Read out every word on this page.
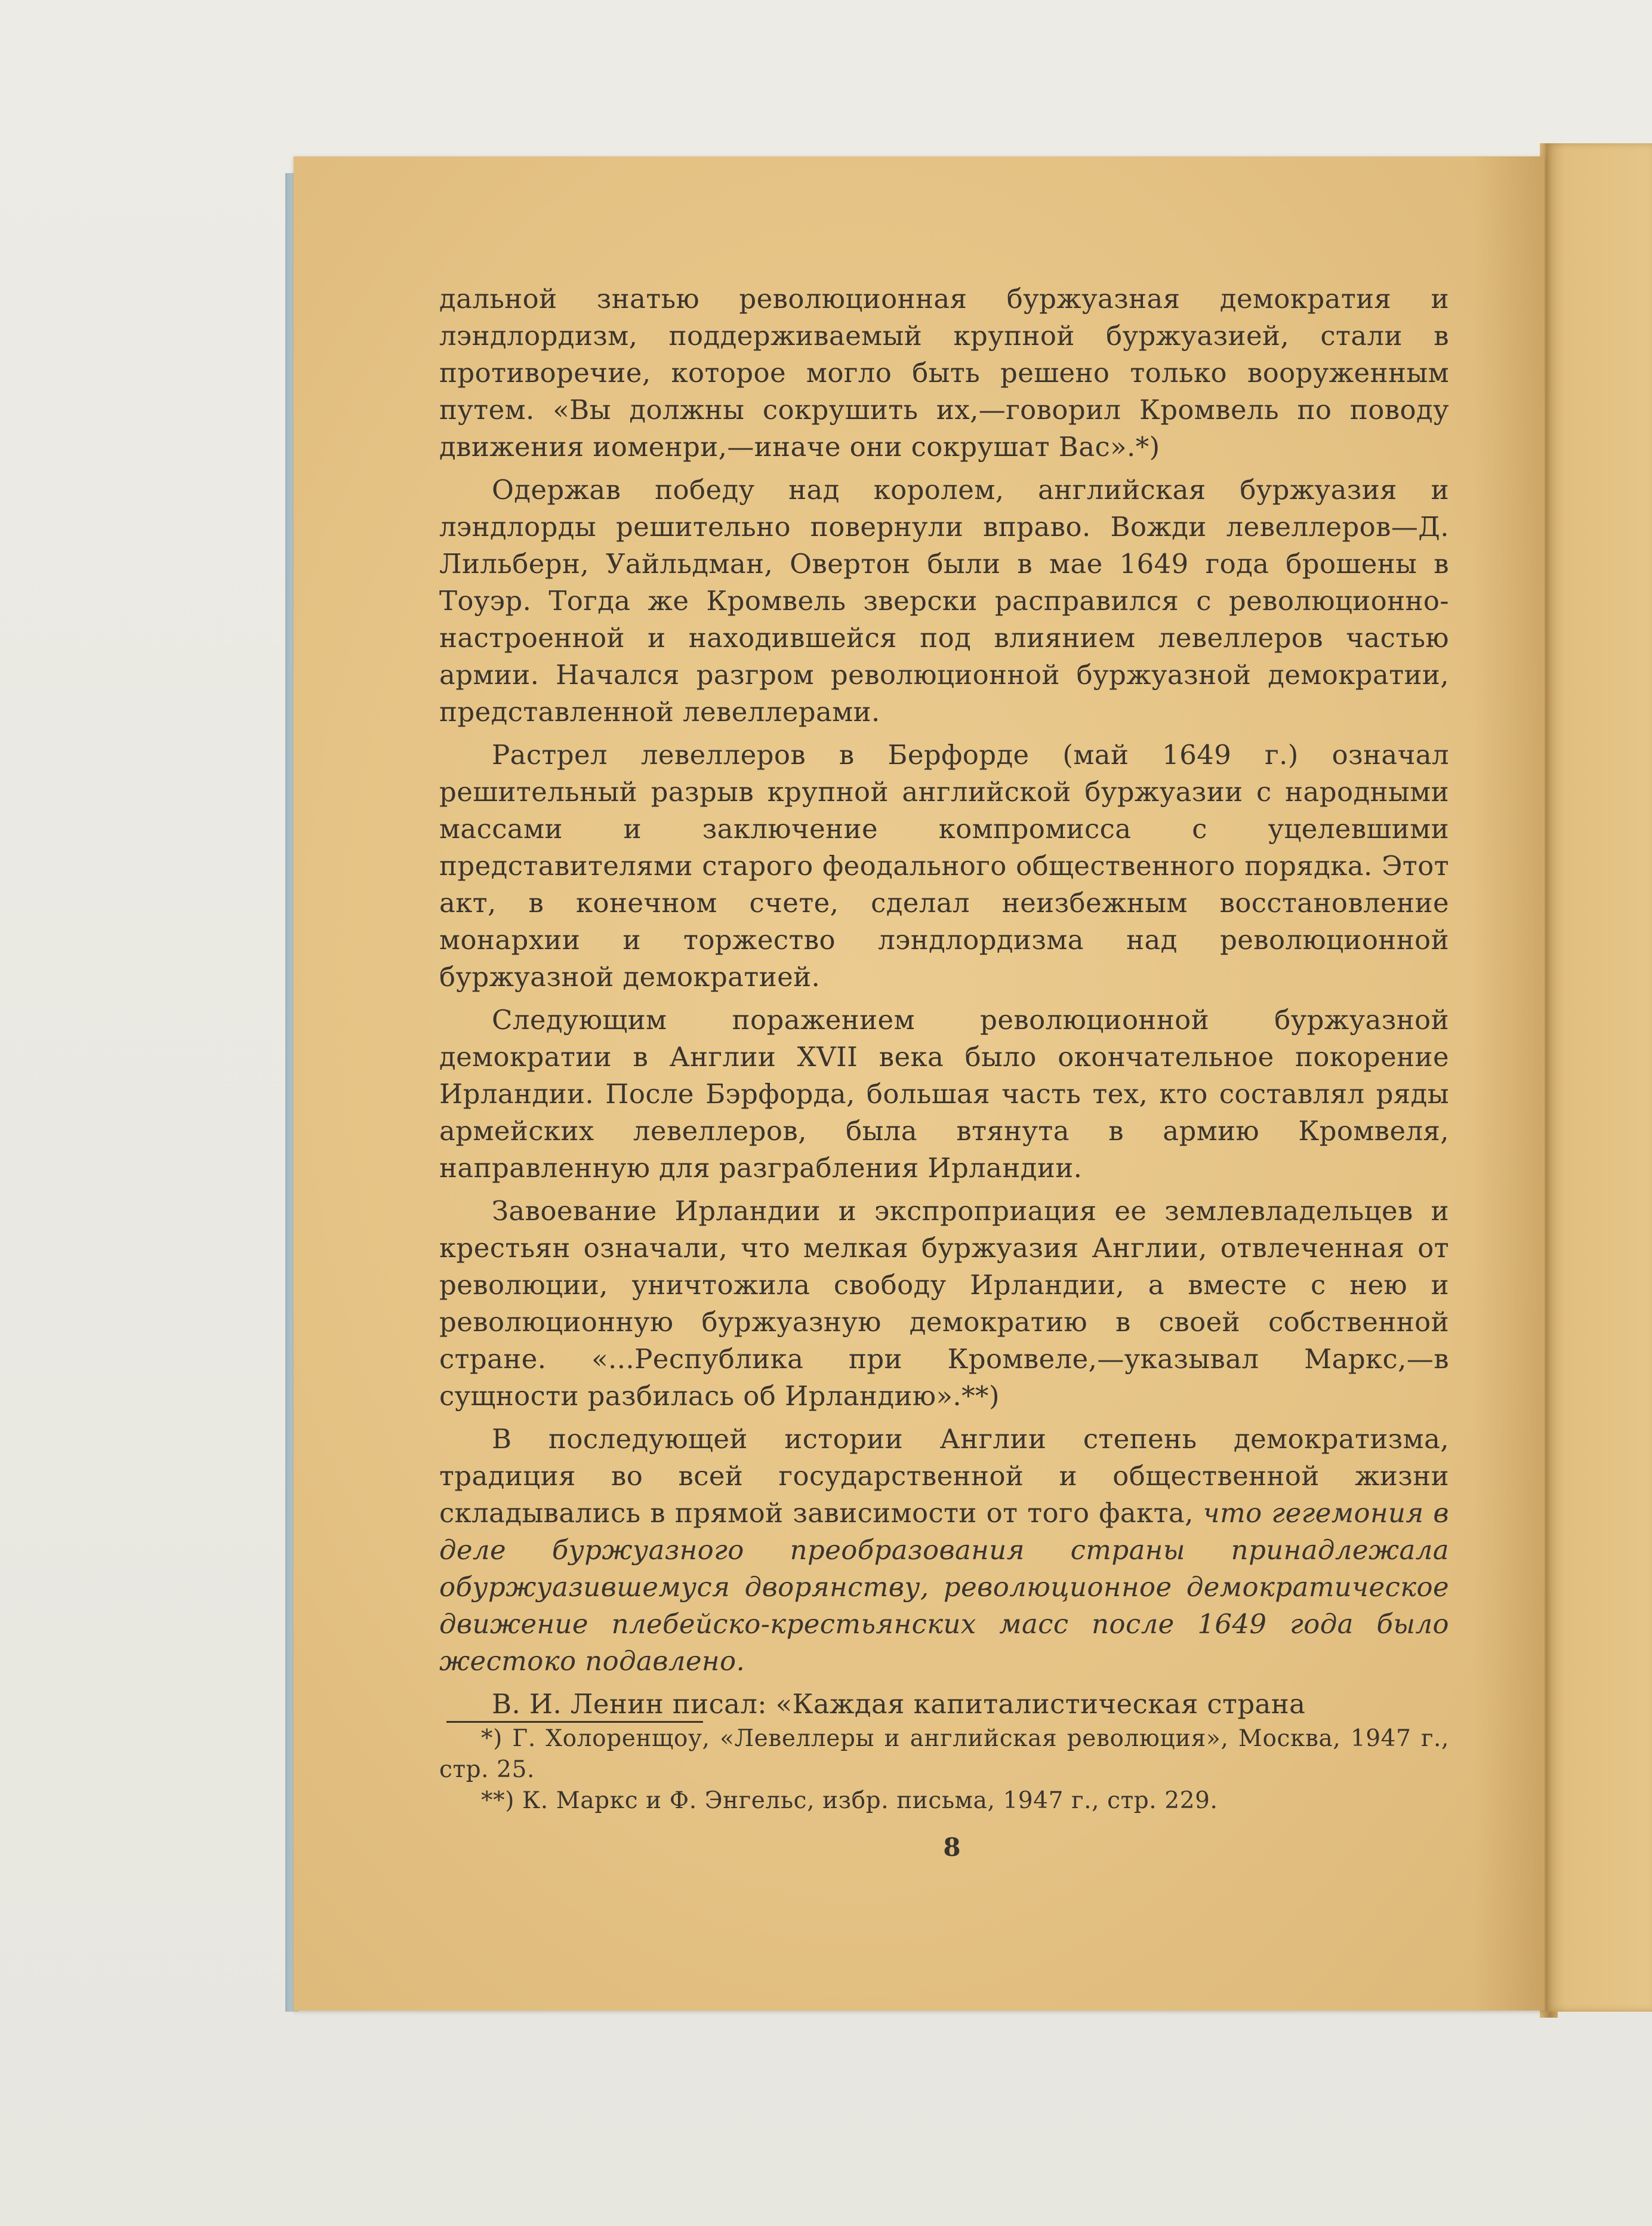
дальной знатью революционная буржуазная демократия и лэндлордизм, поддерживаемый крупной буржуазией, стали в противоречие, которое могло быть решено только вооруженным путем. «Вы должны сокрушить их,—говорил Кромвель по поводу движения иоменри,—иначе они сокрушат Вас».*)

Одержав победу над королем, английская буржуазия и лэндлорды решительно повернули вправо. Вожди левеллеров—Д. Лильберн, Уайльдман, Овертон были в мае 1649 года брошены в Тоуэр. Тогда же Кромвель зверски расправился с революционно-настроенной и находившейся под влиянием левеллеров частью армии. Начался разгром революционной буржуазной демократии, представленной левеллерами.

Растрел левеллеров в Берфорде (май 1649 г.) означал решительный разрыв крупной английской буржуазии с народными массами и заключение компромисса с уцелевшими представителями старого феодального общественного порядка. Этот акт, в конечном счете, сделал неизбежным восстановление монархии и торжество лэндлордизма над революционной буржуазной демократией.

Следующим поражением революционной буржуазной демократии в Англии XVII века было окончательное покорение Ирландии. После Бэрфорда, большая часть тех, кто составлял ряды армейских левеллеров, была втянута в армию Кромвеля, направленную для разграбления Ирландии.

Завоевание Ирландии и экспроприация ее землевладельцев и крестьян означали, что мелкая буржуазия Англии, отвлеченная от революции, уничтожила свободу Ирландии, а вместе с нею и революционную буржуазную демократию в своей собственной стране. «...Республика при Кромвеле,—указывал Маркс,—в сущности разбилась об Ирландию».**)

В последующей истории Англии степень демократизма, традиция во всей государственной и общественной жизни складывались в прямой зависимости от того факта, что гегемония в деле буржуазного преобразования страны принадлежала обуржуазившемуся дворянству, революционное демократическое движение плебейско-крестьянских масс после 1649 года было жестоко подавлено.

В. И. Ленин писал: «Каждая капиталистическая страна

*) Г. Холоренщоу, «Левеллеры и английская революция», Москва, 1947 г., стр. 25.

**) К. Маркс и Ф. Энгельс, избр. письма, 1947 г., стр. 229.

8
